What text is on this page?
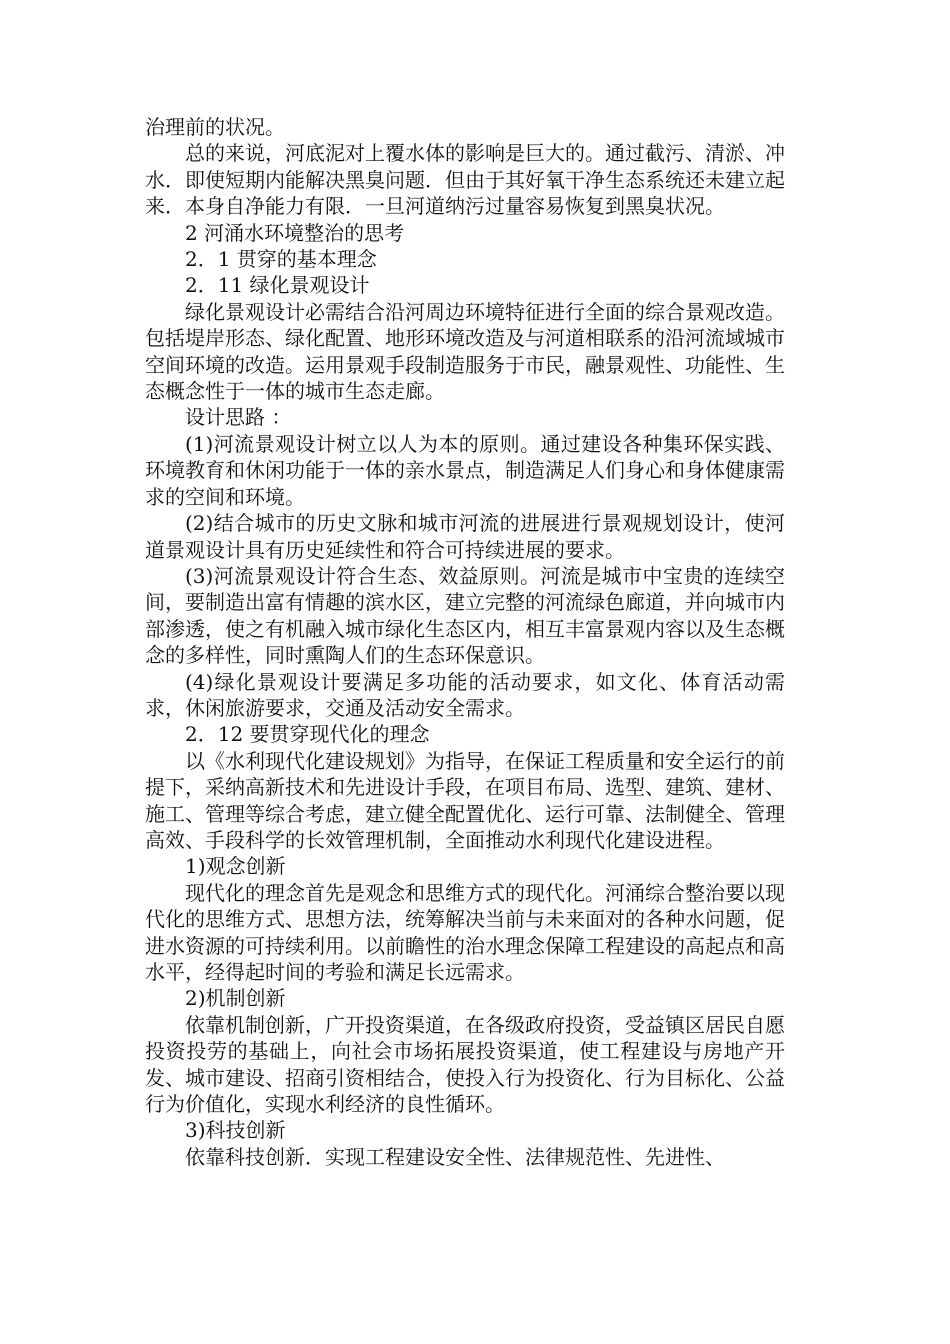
治理前的状况。

总的来说，河底泥对上覆水体的影响是巨大的。通过截污、清淤、冲水．即使短期内能解决黑臭问题．但由于其好氧干净生态系统还未建立起来．本身自净能力有限．一旦河道纳污过量容易恢复到黑臭状况。

2 河涌水环境整治的思考

2．1 贯穿的基本理念

2．11 绿化景观设计

绿化景观设计必需结合沿河周边环境特征进行全面的综合景观改造。包括堤岸形态、绿化配置、地形环境改造及与河道相联系的沿河流域城市空间环境的改造。运用景观手段制造服务于市民，融景观性、功能性、生态概念性于一体的城市生态走廊。

设计思路 ：

(1)河流景观设计树立以人为本的原则。通过建设各种集环保实践、环境教育和休闲功能于一体的亲水景点，制造满足人们身心和身体健康需求的空间和环境。

(2)结合城市的历史文脉和城市河流的进展进行景观规划设计，使河道景观设计具有历史延续性和符合可持续进展的要求。

(3)河流景观设计符合生态、效益原则。河流是城市中宝贵的连续空间，要制造出富有情趣的滨水区，建立完整的河流绿色廊道，并向城市内部渗透，使之有机融入城市绿化生态区内，相互丰富景观内容以及生态概念的多样性，同时熏陶人们的生态环保意识。

(4)绿化景观设计要满足多功能的活动要求，如文化、体育活动需求，休闲旅游要求，交通及活动安全需求。

2．12 要贯穿现代化的理念

以《水利现代化建设规划》为指导，在保证工程质量和安全运行的前提下，采纳高新技术和先进设计手段，在项目布局、选型、建筑、建材、施工、管理等综合考虑，建立健全配置优化、运行可靠、法制健全、管理高效、手段科学的长效管理机制，全面推动水利现代化建设进程。

1)观念创新

现代化的理念首先是观念和思维方式的现代化。河涌综合整治要以现代化的思维方式、思想方法，统筹解决当前与未来面对的各种水问题，促进水资源的可持续利用。以前瞻性的治水理念保障工程建设的高起点和高水平，经得起时间的考验和满足长远需求。

2)机制创新

依靠机制创新，广开投资渠道，在各级政府投资，受益镇区居民自愿投资投劳的基础上，向社会市场拓展投资渠道，使工程建设与房地产开发、城市建设、招商引资相结合，使投入行为投资化、行为目标化、公益行为价值化，实现水利经济的良性循环。

3)科技创新

依靠科技创新．实现工程建设安全性、法律规范性、先进性、
